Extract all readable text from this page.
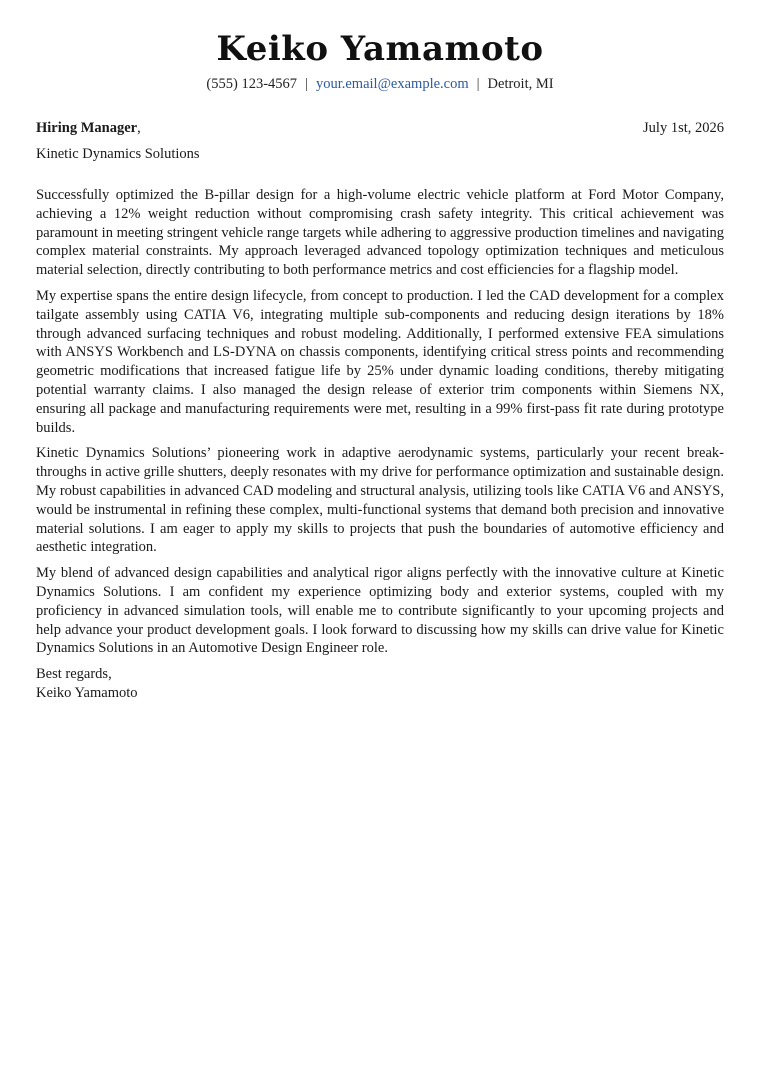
Keiko Yamamoto
(555) 123-4567 | your.email@example.com | Detroit, MI
Hiring Manager,	July 1st, 2026
Kinetic Dynamics Solutions

Successfully optimized the B-pillar design for a high-volume electric vehicle platform at Ford Motor Company, achieving a 12% weight reduction without compromising crash safety integrity. This critical achievement was paramount in meeting stringent vehicle range targets while adhering to aggressive production timelines and navigating complex material constraints. My approach leveraged advanced topology optimization techniques and meticulous material selection, directly contributing to both performance metrics and cost efficiencies for a flagship model.

My expertise spans the entire design lifecycle, from concept to production. I led the CAD development for a complex tailgate assembly using CATIA V6, integrating multiple sub-components and reducing design iterations by 18% through advanced surfacing techniques and robust modeling. Additionally, I performed extensive FEA simulations with ANSYS Workbench and LS-DYNA on chassis components, identifying critical stress points and recommending geometric modifications that increased fatigue life by 25% under dynamic loading conditions, thereby mitigating potential warranty claims. I also managed the design release of exterior trim components within Siemens NX, ensuring all package and manufacturing requirements were met, resulting in a 99% first-pass fit rate during prototype builds.

Kinetic Dynamics Solutions’ pioneering work in adaptive aerodynamic systems, particularly your recent breakthroughs in active grille shutters, deeply resonates with my drive for performance optimization and sustainable design. My robust capabilities in advanced CAD modeling and structural analysis, utilizing tools like CATIA V6 and ANSYS, would be instrumental in refining these complex, multi-functional systems that demand both precision and innovative material solutions. I am eager to apply my skills to projects that push the boundaries of automotive efficiency and aesthetic integration.

My blend of advanced design capabilities and analytical rigor aligns perfectly with the innovative culture at Kinetic Dynamics Solutions. I am confident my experience optimizing body and exterior systems, coupled with my proficiency in advanced simulation tools, will enable me to contribute significantly to your upcoming projects and help advance your product development goals. I look forward to discussing how my skills can drive value for Kinetic Dynamics Solutions in an Automotive Design Engineer role.

Best regards,
Keiko Yamamoto
